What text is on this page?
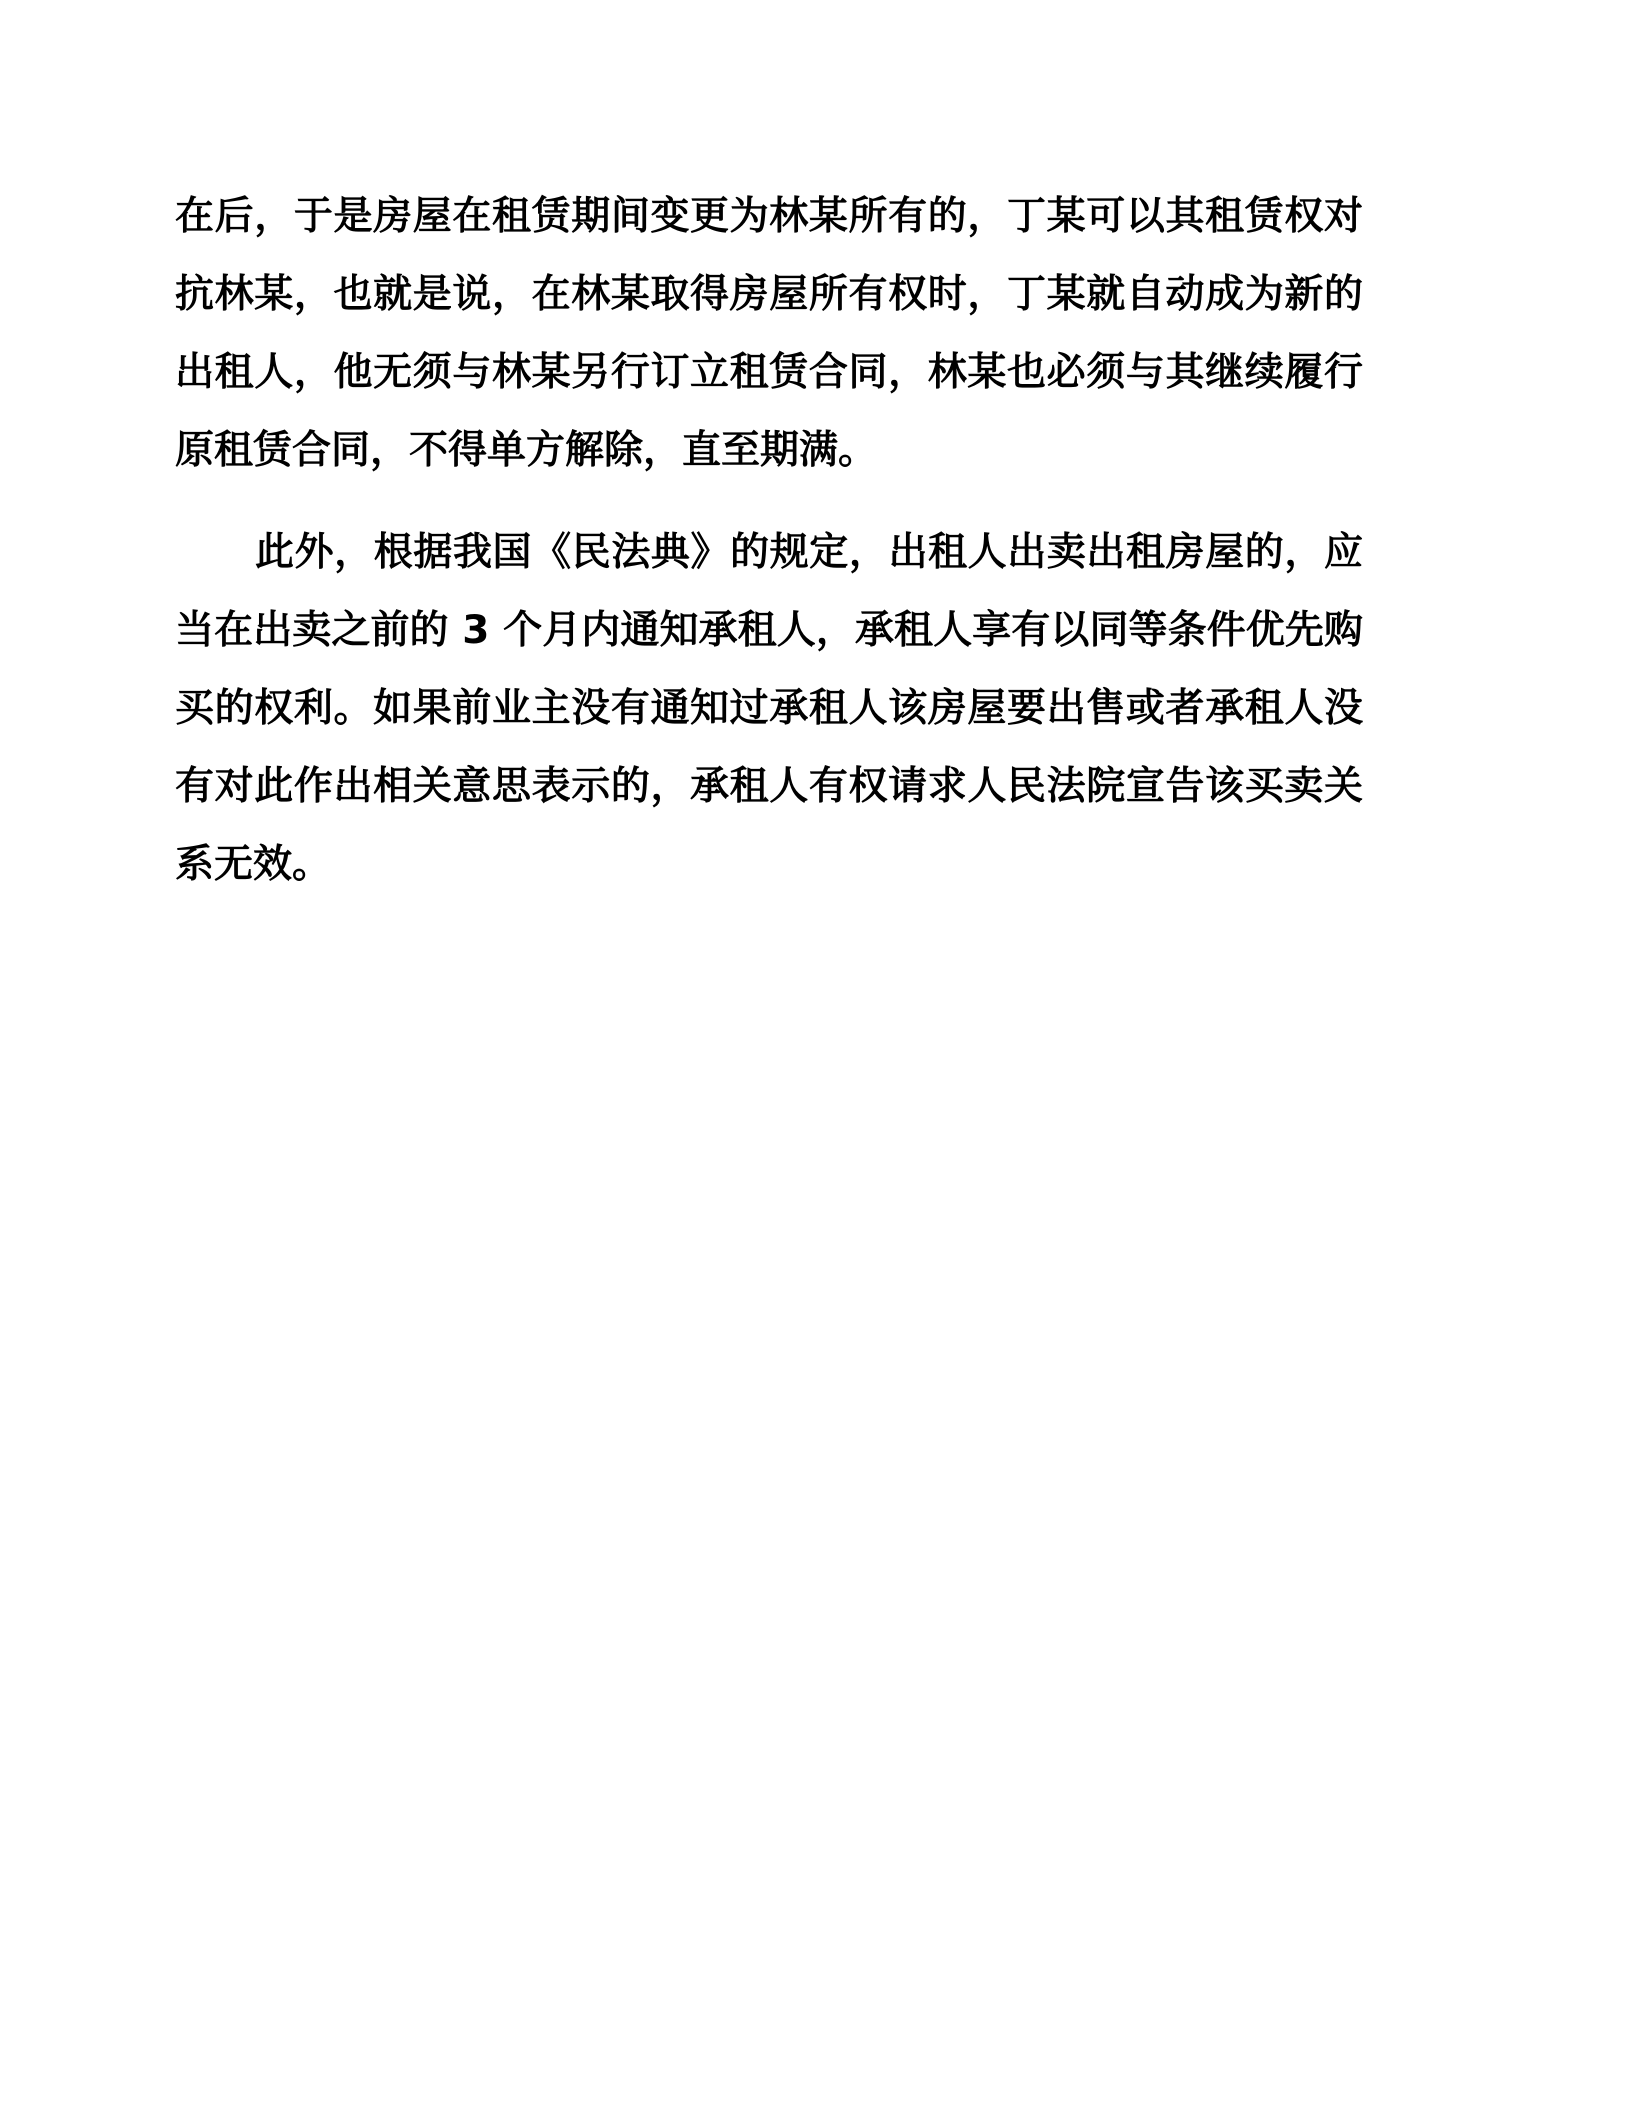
在后，于是房屋在租赁期间变更为林某所有的，丁某可以其租赁权对
抗林某，也就是说，在林某取得房屋所有权时，丁某就自动成为新的
出租人，他无须与林某另行订立租赁合同，林某也必须与其继续履行
原租赁合同，不得单方解除，直至期满。
此外，根据我国《民法典》的规定，出租人出卖出租房屋的，应
当在出卖之前的 3 个月内通知承租人，承租人享有以同等条件优先购
买的权利。如果前业主没有通知过承租人该房屋要出售或者承租人没
有对此作出相关意思表示的，承租人有权请求人民法院宣告该买卖关
系无效。
